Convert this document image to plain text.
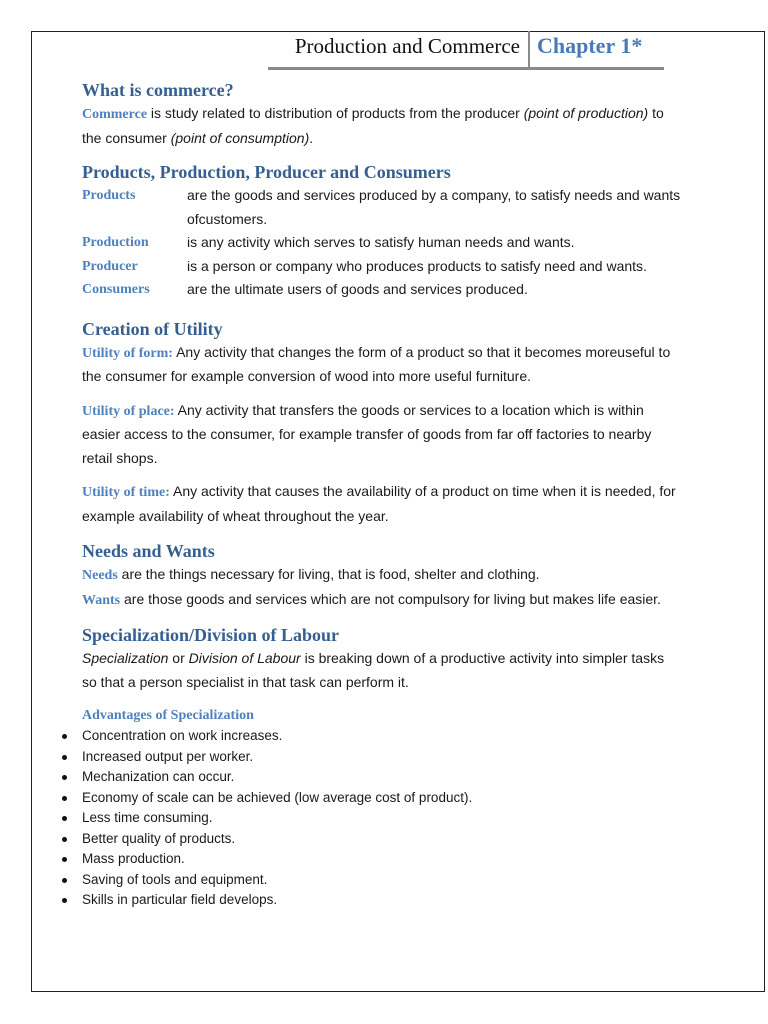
Production and Commerce Chapter 1*
What is commerce?

Commerce is study related to distribution of products from the producer (point of production) to the consumer (point of consumption).

Products, Production, Producer and Consumers
Products	are the goods and services produced by a company, to satisfy needs and wants ofcustomers.
Production	is any activity which serves to satisfy human needs and wants.
Producer	is a person or company who produces products to satisfy need and wants.
Consumers	are the ultimate users of goods and services produced.
Creation of Utility

Utility of form: Any activity that changes the form of a product so that it becomes moreuseful to the consumer for example conversion of wood into more useful furniture.

Utility of place: Any activity that transfers the goods or services to a location which is within easier access to the consumer, for example transfer of goods from far off factories to nearby retail shops.

Utility of time: Any activity that causes the availability of a product on time when it is needed, for example availability of wheat throughout the year.

Needs and Wants

Needs are the things necessary for living, that is food, shelter and clothing.

Wants are those goods and services which are not compulsory for living but makes life easier.

Specialization/Division of Labour

Specialization or Division of Labour is breaking down of a productive activity into simpler tasks so that a person specialist in that task can perform it.

Advantages of Specialization
Concentration on work increases.
Increased output per worker.
Mechanization can occur.
Economy of scale can be achieved (low average cost of product).
Less time consuming.
Better quality of products.
Mass production.
Saving of tools and equipment.
Skills in particular field develops.
